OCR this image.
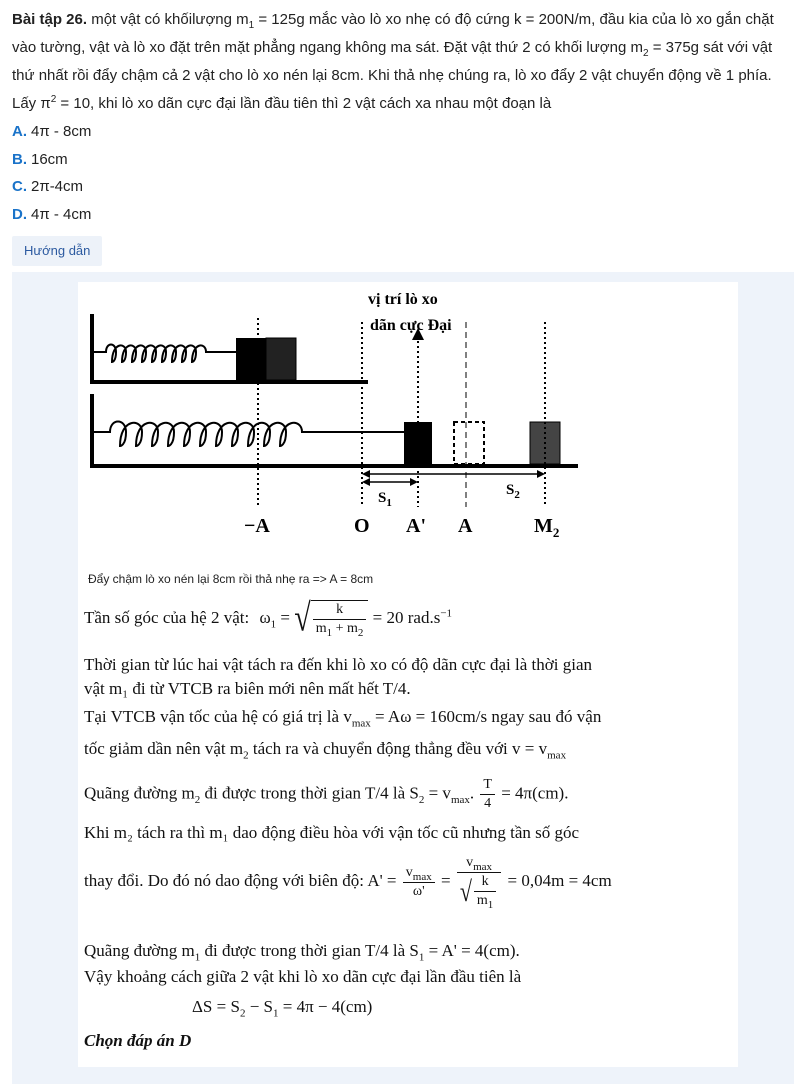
Bài tập 26. một vật có khốilượng $m_1 = 125g$ mắc vào lò xo nhẹ có độ cứng k = 200N/m, đầu kia của lò xo gắn chặt
vào tường, vật và lò xo đặt trên mặt phẳng ngang không ma sát. Đặt vật thứ 2 có khối lượng $m_2 = 375g$ sát với vật
thứ nhất rồi đẩy chậm cả 2 vật cho lò xo nén lại 8cm. Khi thả nhẹ chúng ra, lò xo đẩy 2 vật chuyển động về 1 phía.
Lấy $\pi^2 = 10$, khi lò xo dãn cực đại lần đầu tiên thì 2 vật cách xa nhau một đoạn là
A. 4π - 8cm
B. 16cm
C. 2π-4cm
D. 4π - 4cm
Hướng dẫn
vị trí lò xo
dãn cực Đại
$S_1$
$S_2$
−A	O A' A	$M_2$
Đẩy chậm lò xo nén lại 8cm rồi thả nhẹ ra => A = 8cm
Tần số góc của hệ 2 vật: $\omega_1$ = √ $\frac{k}{m_1 + m_2} = 20$ $rad.s^{-1}$
Thời gian từ lúc hai vật tách ra đến khi lò xo có độ dãn cực đại là thời gian
vật m₁ đi từ VTCB ra biên mới nên mất hết T/4.
Tại VTCB vận tốc của hệ có giá trị là $v_{max} = A\omega = 160cm/s$ ngay sau đó vận
tốc giảm dần nên vật $m_2$ tách ra và chuyển động thẳng đều với $v = v_{max}$
Quãng đường $m_2$ đi được trong thời gian T/4 là $S_2 = v_{max}$. $\frac{T}{4} = 4\pi(cm)$.
Khi m₂ tách ra thì m₁ dao động điều hòa với vận tốc cũ nhưng tần số góc
thay đổi. Do đó nó dao động với biên độ: $A' = \frac{v_{max}}{\omega'} = \frac{v_{max}}{√ \frac{k}{m_1}} = 0,04m = 4cm$
Quãng đường $m_1$ đi được trong thời gian T/4 là $S_1 = A' = 4(cm)$.
Vậy khoảng cách giữa 2 vật khi lò xo dãn cực đại lần đầu tiên là
$\Delta S = S_2 - S_1 = 4\pi - 4(cm)$
Chọn đáp án D
